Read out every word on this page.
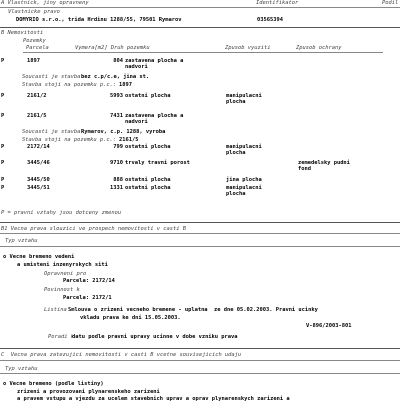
A Vlastnick, jiny opravneny	Identifikator	Podil
Vlastnicke pravo
DOMYRIO s.r.o., trida Hrdinu 1288/55, 79501 Rymarov	03565394
B Nemovitosti
Pozemky
Parcela	Vymera[m2] Druh pozemku	Zpusob vyuziti	Zpusob ochrany
P	1897	804 zastavena plocha a
nadvori
Soucasti je stavba:
bez c.p/c.e, jina st.
Stavba stoji na pozemku p.c.: 1897
P	2161/2	5993 ostatni plocha	manipulacni
plocha
P	2161/5	7431 zastavena plocha a
nadvori
Soucasti je stavba:
Rymarov, c.p. 1288, vyroba
Stavba stoji na pozemku p.c.: 2161/5
P	2172/14	799 ostatni plocha	manipulacni
plocha
P	3445/46	9710 trvaly travni porost	zemedelsky pudni
fond
P	3445/50	888 ostatni plocha	jina plocha
P	3445/51	1331 ostatni plocha	manipulacni
plocha
P = pravni vztahy jsou dotceny zmenou
B1 Vecna prava slouzici ve prospech nemovitosti v casti B
Typ vztahu
o Vecne bremeno vedeni
a umisteni inzenyrskych siti
Opravneni pro
Parcela: 2172/14
Povinnost k
Parcela: 2172/1
Listina Smlouva o zrizeni vecneho bremene - uplatna  ze dne 05.02.2003. Pravni ucinky
vkladu prava ke dni 15.05.2003.
V-896/2003-801
Poradi k
datu podle pravni upravy ucinne v dobe vzniku prava
C  Vecna prava zatezujici nemovitosti v casti B vcetne souvisejicich udaju
Typ vztahu
o Vecne bremeno (podle listiny)
zrizeni a provozovani plynarenskeho zarizeni
a pravem vstupu a vjezdu za ucelem stavebnich uprav a oprav plynarenskych zarizeni a
